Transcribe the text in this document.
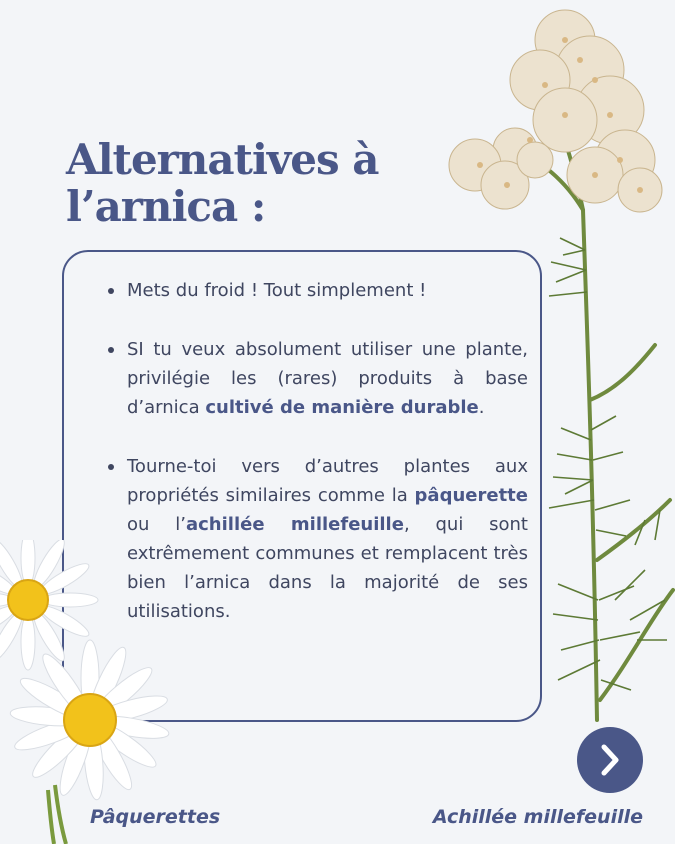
Alternatives à
l’arnica :
Mets du froid ! Tout simplement !
SI tu veux absolument utiliser une plante, privilégie les (rares) produits à base d’arnica cultivé de manière durable.
Tourne-toi vers d’autres plantes aux propriétés similaires comme la pâquerette ou l’achillée millefeuille, qui sont extrêmement communes et remplacent très bien l’arnica dans la majorité de ses utilisations.

Pâquerettes	Achillée millefeuille
